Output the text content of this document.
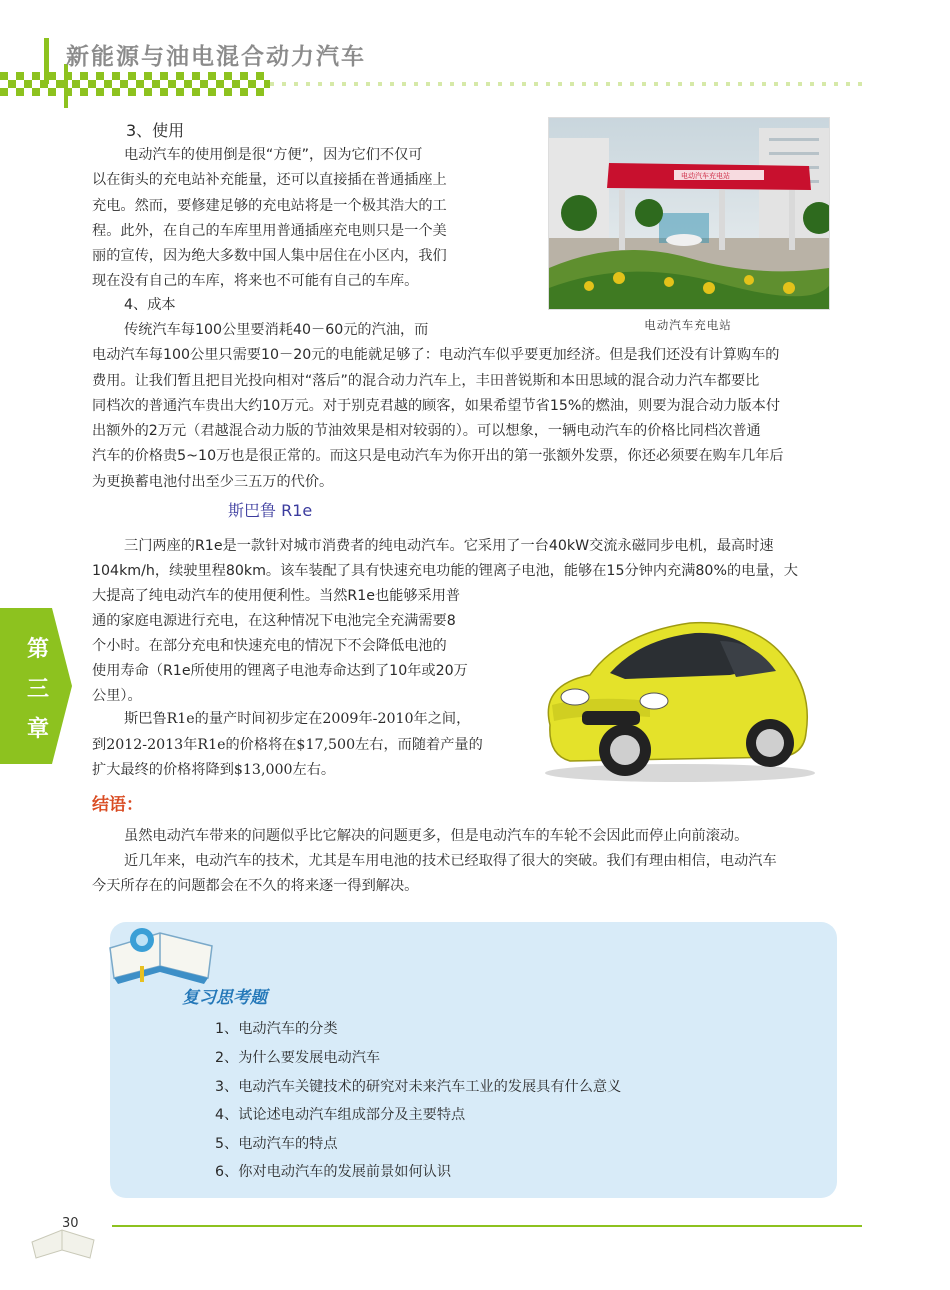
新能源与油电混合动力汽车
第
三
章
3、使用
电动汽车的使用倒是很“方便”，因为它们不仅可
以在街头的充电站补充能量，还可以直接插在普通插座上
充电。然而，要修建足够的充电站将是一个极其浩大的工
程。此外，在自己的车库里用普通插座充电则只是一个美
丽的宣传，因为绝大多数中国人集中居住在小区内，我们
现在没有自己的车库，将来也不可能有自己的车库。
4、成本
传统汽车每100公里要消耗40－60元的汽油，而
电动汽车每100公里只需要10－20元的电能就足够了：电动汽车似乎要更加经济。但是我们还没有计算购车的
费用。让我们暂且把目光投向相对“落后”的混合动力汽车上，丰田普锐斯和本田思域的混合动力汽车都要比
同档次的普通汽车贵出大约10万元。对于别克君越的顾客，如果希望节省15%的燃油，则要为混合动力版本付
出额外的2万元（君越混合动力版的节油效果是相对较弱的）。可以想象，一辆电动汽车的价格比同档次普通
汽车的价格贵5~10万也是很正常的。而这只是电动汽车为你开出的第一张额外发票，你还必须要在购车几年后
为更换蓄电池付出至少三五万的代价。
电动汽车充电站
电动汽车充电站
斯巴鲁 R1e
三门两座的R1e是一款针对城市消费者的纯电动汽车。它采用了一台40kW交流永磁同步电机，最高时速
104km/h，续驶里程80km。该车装配了具有快速充电功能的锂离子电池，能够在15分钟内充满80%的电量，大
大提高了纯电动汽车的使用便利性。当然R1e也能够采用普
通的家庭电源进行充电，在这种情况下电池完全充满需要8
个小时。在部分充电和快速充电的情况下不会降低电池的
使用寿命（R1e所使用的锂离子电池寿命达到了10年或20万
公里）。
斯巴鲁R1e的量产时间初步定在2009年-2010年之间，
到2012-2013年R1e的价格将在$17,500左右，而随着产量的
扩大最终的价格将降到$13,000左右。
结语：
虽然电动汽车带来的问题似乎比它解决的问题更多，但是电动汽车的车轮不会因此而停止向前滚动。
近几年来，电动汽车的技术，尤其是车用电池的技术已经取得了很大的突破。我们有理由相信，电动汽车
今天所存在的问题都会在不久的将来逐一得到解决。
复习思考题
1、电动汽车的分类
2、为什么要发展电动汽车
3、电动汽车关键技术的研究对未来汽车工业的发展具有什么意义
4、试论述电动汽车组成部分及主要特点
5、电动汽车的特点
6、你对电动汽车的发展前景如何认识
30
